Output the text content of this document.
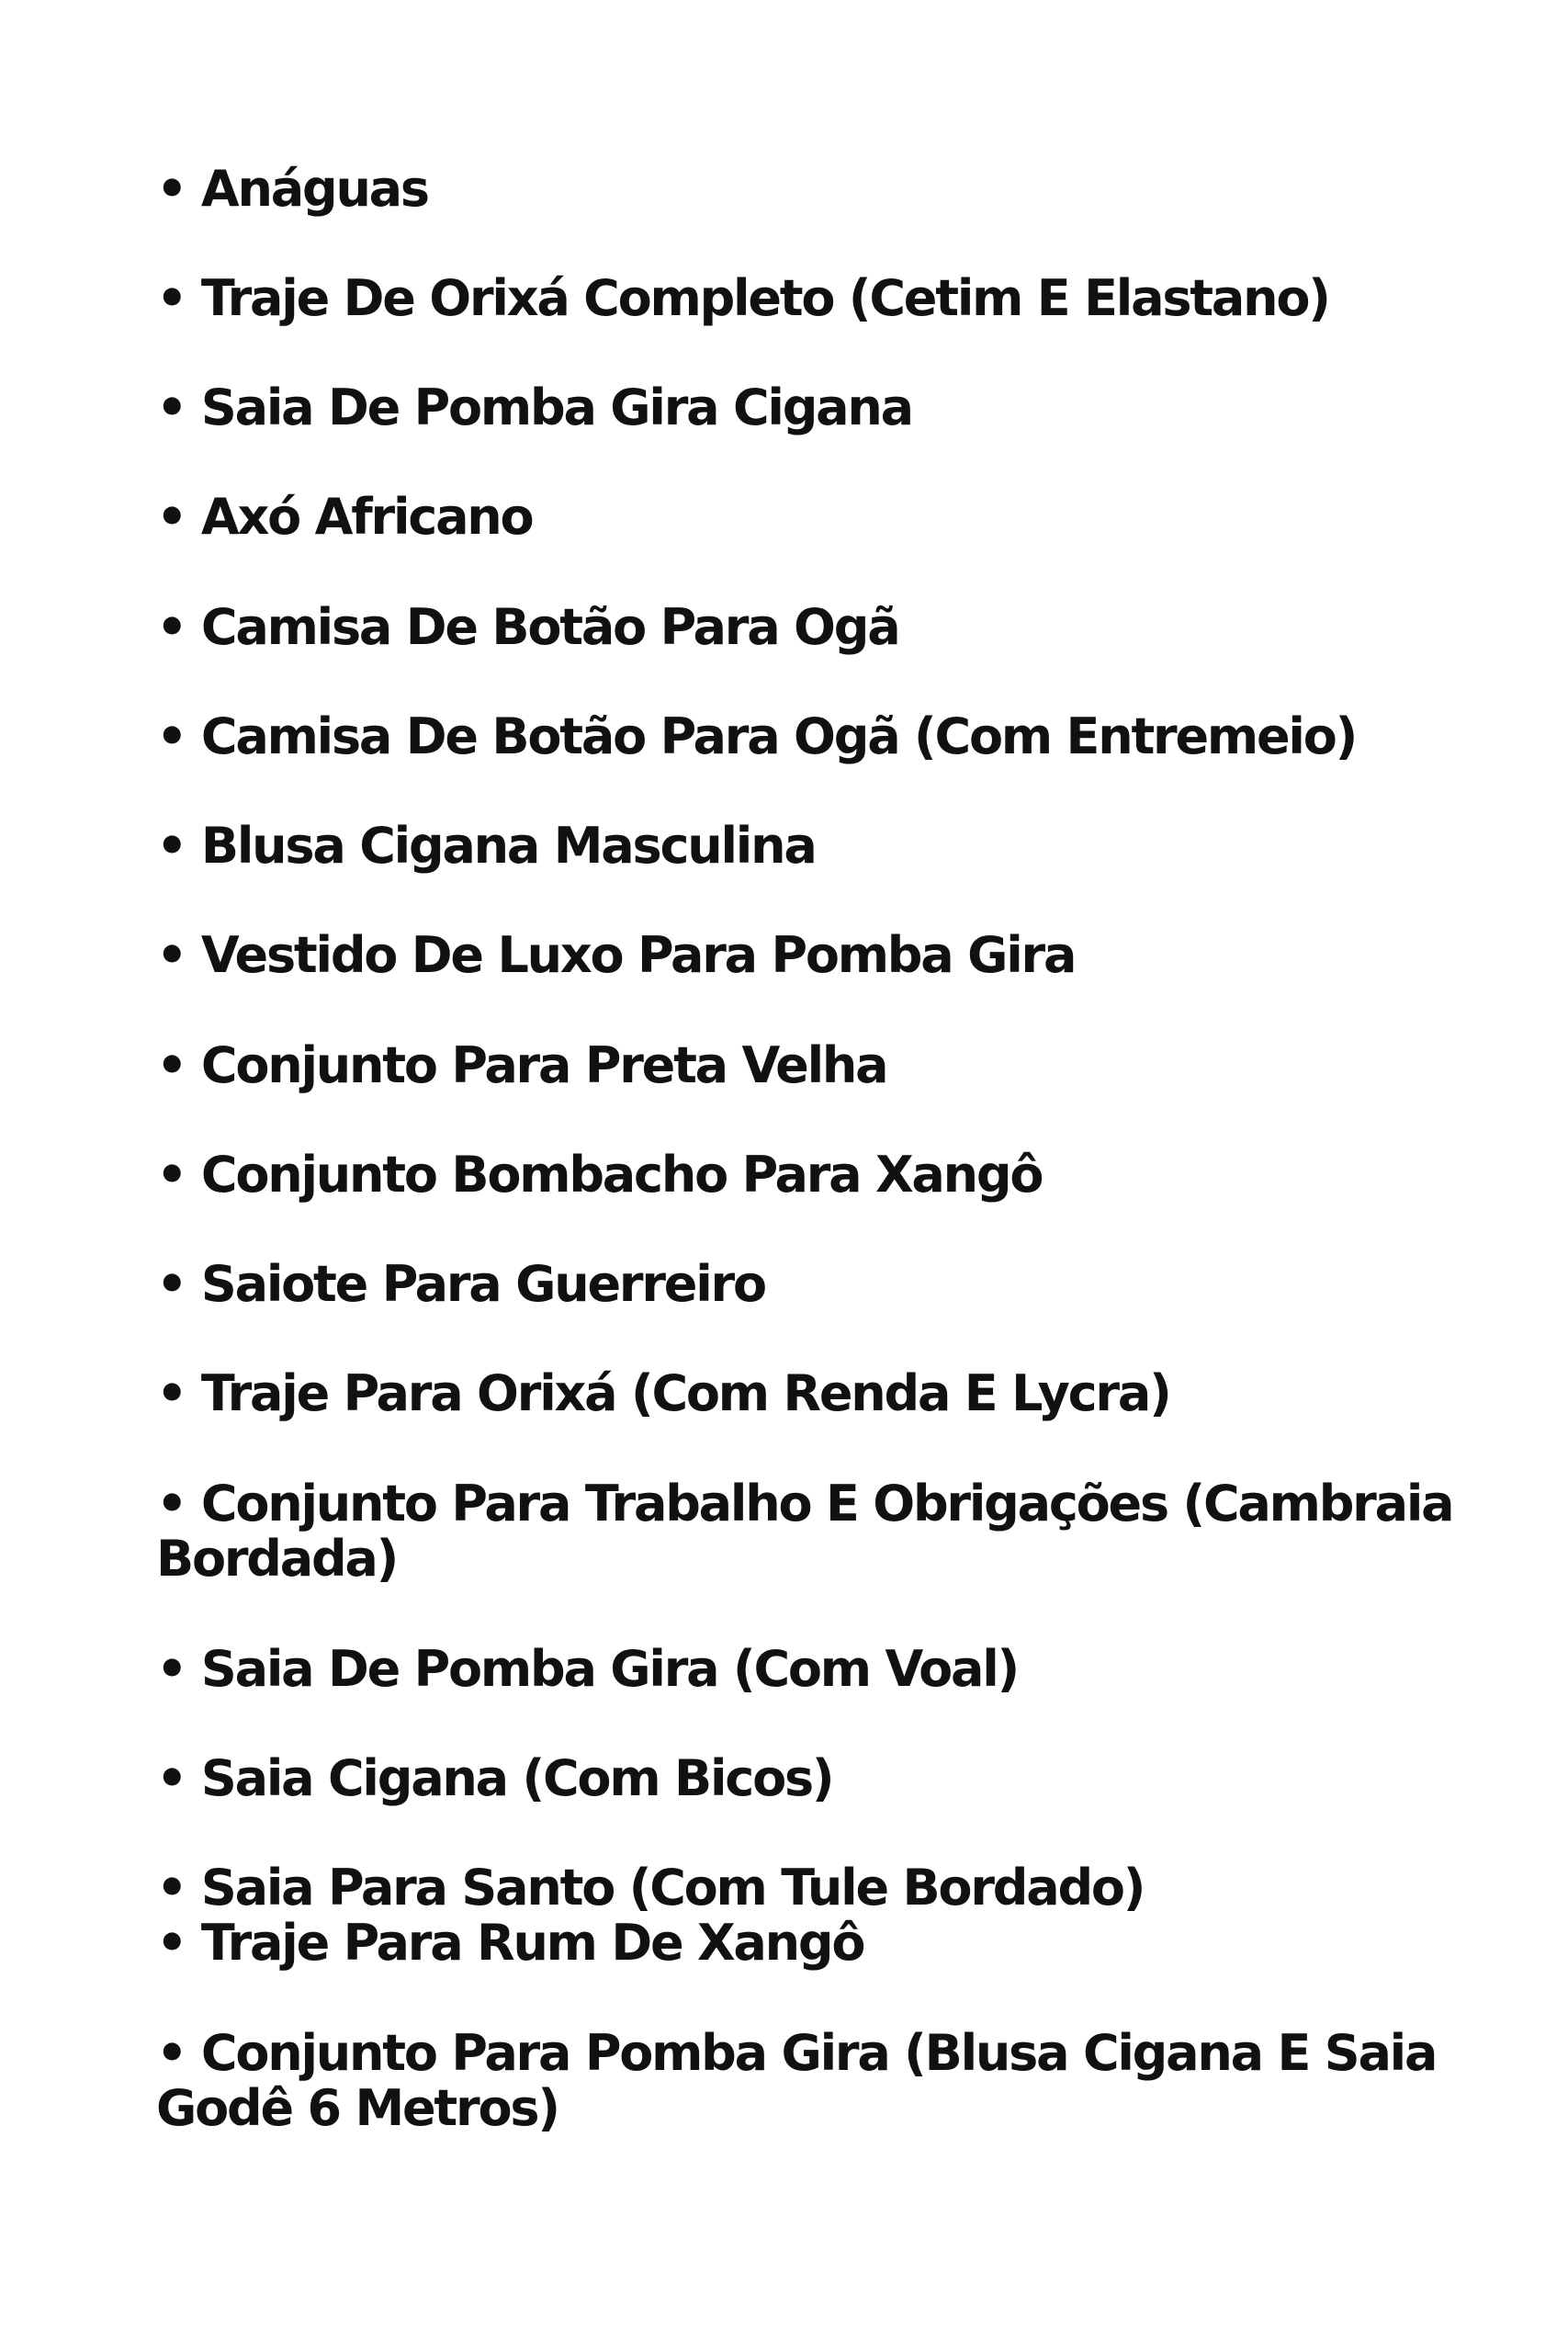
• Anáguas
• Traje De Orixá Completo (Cetim E Elastano)
• Saia De Pomba Gira Cigana
• Axó Africano
• Camisa De Botão Para Ogã
• Camisa De Botão Para Ogã (Com Entremeio)
• Blusa Cigana Masculina
• Vestido De Luxo Para Pomba Gira
• Conjunto Para Preta Velha
• Conjunto Bombacho Para Xangô
• Saiote Para Guerreiro
• Traje Para Orixá (Com Renda E Lycra)
• Conjunto Para Trabalho E Obrigações (Cambraia Bordada)
• Saia De Pomba Gira (Com Voal)
• Saia Cigana (Com Bicos)
• Saia Para Santo (Com Tule Bordado)
• Traje Para Rum De Xangô
• Conjunto Para Pomba Gira (Blusa Cigana E Saia Godê 6 Metros)
